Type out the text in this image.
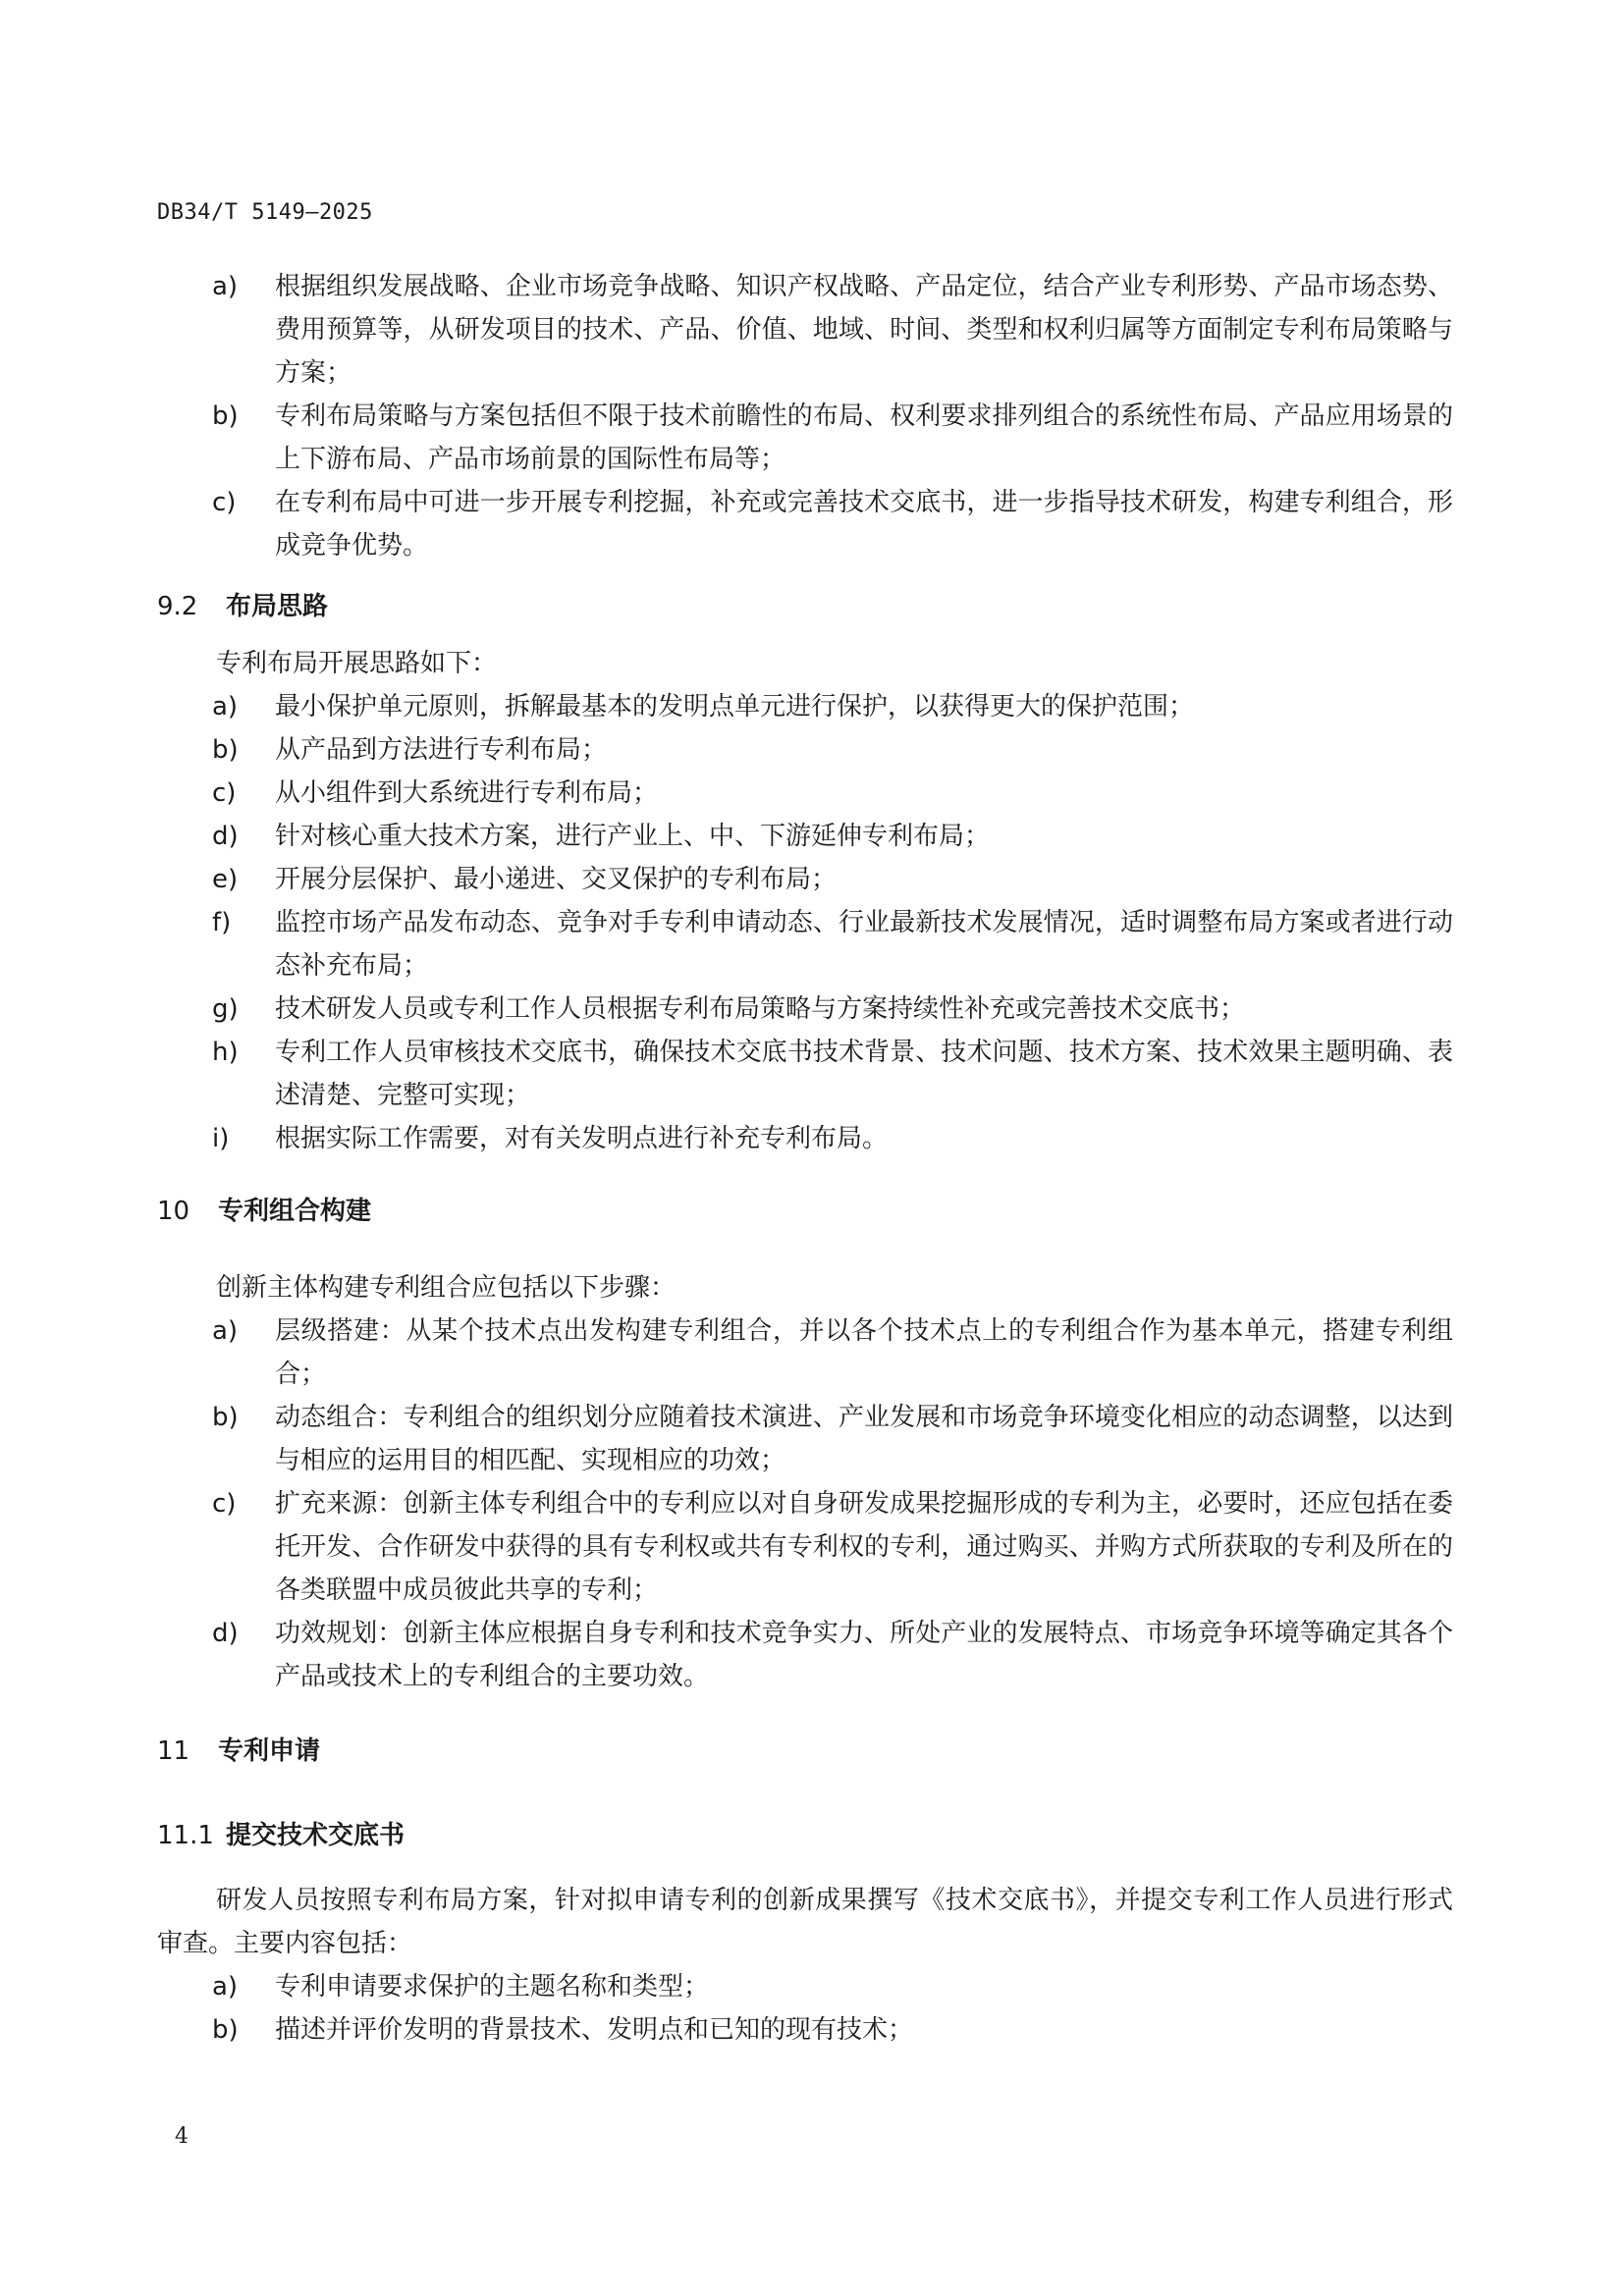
DB34/T 5149—2025
a) 根据组织发展战略、企业市场竞争战略、知识产权战略、产品定位，结合产业专利形势、产品市场态势、费用预算等，从研发项目的技术、产品、价值、地域、时间、类型和权利归属等方面制定专利布局策略与方案；
b) 专利布局策略与方案包括但不限于技术前瞻性的布局、权利要求排列组合的系统性布局、产品应用场景的上下游布局、产品市场前景的国际性布局等；
c) 在专利布局中可进一步开展专利挖掘，补充或完善技术交底书，进一步指导技术研发，构建专利组合，形成竞争优势。
9.2 布局思路
专利布局开展思路如下：
a) 最小保护单元原则，拆解最基本的发明点单元进行保护，以获得更大的保护范围；
b) 从产品到方法进行专利布局；
c) 从小组件到大系统进行专利布局；
d) 针对核心重大技术方案，进行产业上、中、下游延伸专利布局；
e) 开展分层保护、最小递进、交叉保护的专利布局；
f) 监控市场产品发布动态、竞争对手专利申请动态、行业最新技术发展情况，适时调整布局方案或者进行动态补充布局；
g) 技术研发人员或专利工作人员根据专利布局策略与方案持续性补充或完善技术交底书；
h) 专利工作人员审核技术交底书，确保技术交底书技术背景、技术问题、技术方案、技术效果主题明确、表述清楚、完整可实现；
i) 根据实际工作需要，对有关发明点进行补充专利布局。
10 专利组合构建
创新主体构建专利组合应包括以下步骤：
a) 层级搭建：从某个技术点出发构建专利组合，并以各个技术点上的专利组合作为基本单元，搭建专利组合；
b) 动态组合：专利组合的组织划分应随着技术演进、产业发展和市场竞争环境变化相应的动态调整，以达到与相应的运用目的相匹配、实现相应的功效；
c) 扩充来源：创新主体专利组合中的专利应以对自身研发成果挖掘形成的专利为主，必要时，还应包括在委托开发、合作研发中获得的具有专利权或共有专利权的专利，通过购买、并购方式所获取的专利及所在的各类联盟中成员彼此共享的专利；
d) 功效规划：创新主体应根据自身专利和技术竞争实力、所处产业的发展特点、市场竞争环境等确定其各个产品或技术上的专利组合的主要功效。
11 专利申请
11.1 提交技术交底书
研发人员按照专利布局方案，针对拟申请专利的创新成果撰写《技术交底书》，并提交专利工作人员进行形式审查。主要内容包括：
a) 专利申请要求保护的主题名称和类型；
b) 描述并评价发明的背景技术、发明点和已知的现有技术；
4
